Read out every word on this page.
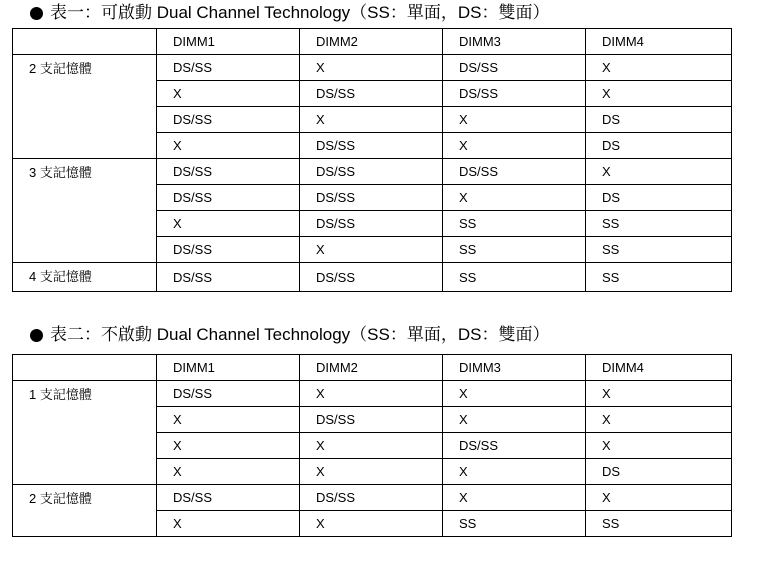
表一：可啟動 Dual Channel Technology（SS：單面，DS：雙面）
	DIMM1	DIMM2	DIMM3	DIMM4
2 支記憶體	DS/SS	X	DS/SS	X
	X	DS/SS	DS/SS	X
	DS/SS	X	X	DS
	X	DS/SS	X	DS
3 支記憶體	DS/SS	DS/SS	DS/SS	X
	DS/SS	DS/SS	X	DS
	X	DS/SS	SS	SS
	DS/SS	X	SS	SS
4 支記憶體	DS/SS	DS/SS	SS	SS
表二：不啟動 Dual Channel Technology（SS：單面，DS：雙面）
	DIMM1	DIMM2	DIMM3	DIMM4
1 支記憶體	DS/SS	X	X	X
	X	DS/SS	X	X
	X	X	DS/SS	X
	X	X	X	DS
2 支記憶體	DS/SS	DS/SS	X	X
	X	X	SS	SS
